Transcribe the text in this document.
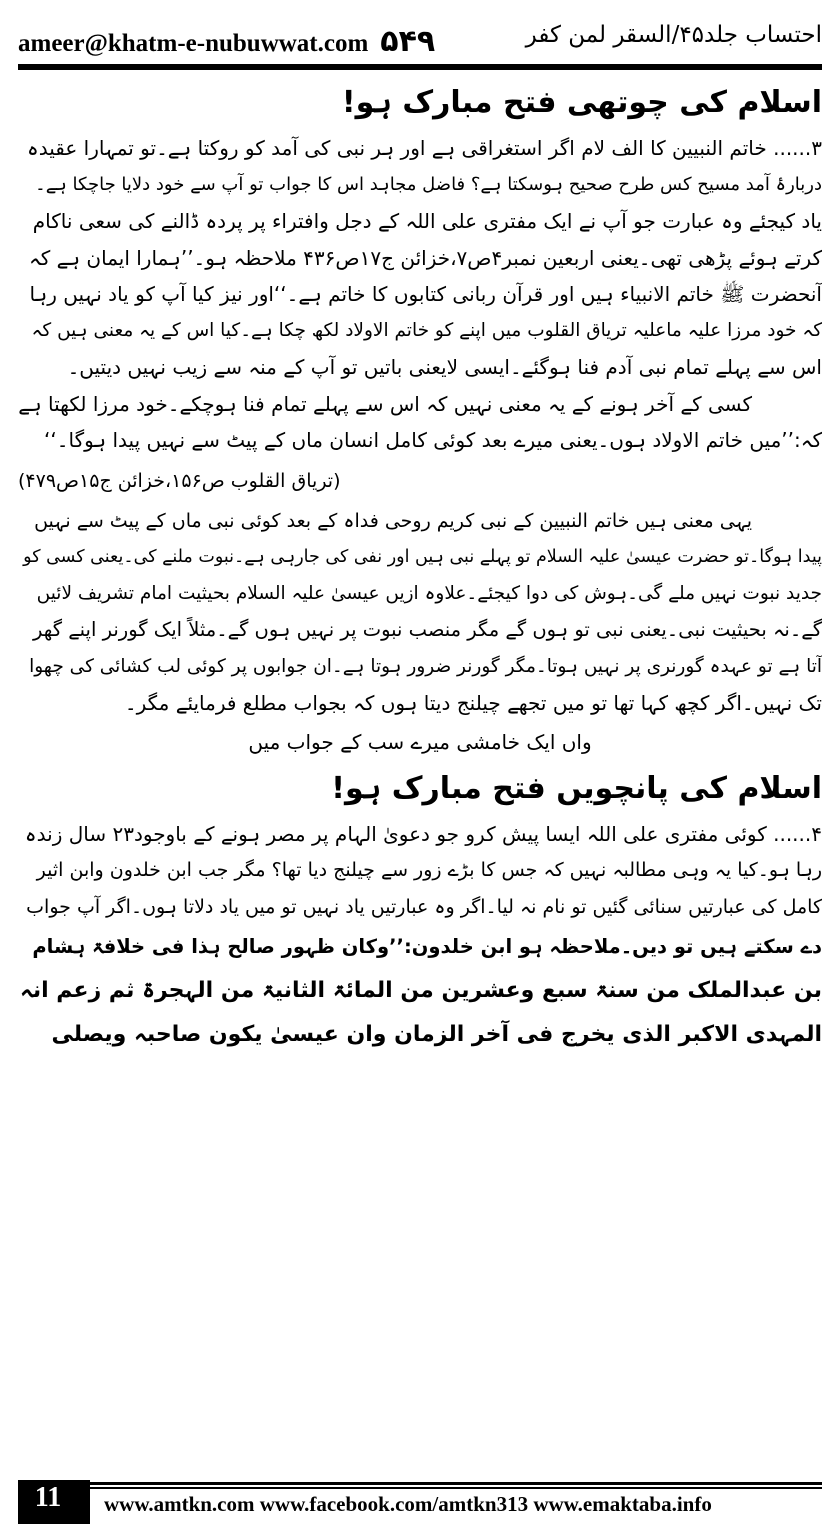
ameer@khatm-e-nubuwwat.com ۵۴۹	احتساب جلد۴۵/السقر لمن کفر
اسلام کی چوتھی فتح مبارک ہو!
۳...... خاتم النبیین کا الف لام اگر استغراقی ہے اور ہر نبی کی آمد کو روکتا ہے۔تو تمہارا عقیدہ
دربارۂ آمد مسیح کس طرح صحیح ہوسکتا ہے؟ فاضل مجاہد اس کا جواب تو آپ سے خود دلایا جاچکا ہے۔
یاد کیجئے وہ عبارت جو آپ نے ایک مفتری علی اللہ کے دجل وافتراء پر پردہ ڈالنے کی سعی ناکام
کرتے ہوئے پڑھی تھی۔یعنی اربعین نمبر۴ص۷،خزائن ج۱۷ص۴۳۶ ملاحظہ ہو۔’’ہمارا ایمان ہے کہ
آنحضرت ﷺ خاتم الانبیاء ہیں اور قرآن ربانی کتابوں کا خاتم ہے۔‘‘اور نیز کیا آپ کو یاد نہیں رہا
کہ خود مرزا علیہ ماعلیہ تریاق القلوب میں اپنے کو خاتم الاولاد لکھ چکا ہے۔کیا اس کے یہ معنی ہیں کہ
اس سے پہلے تمام نبی آدم فنا ہوگئے۔ایسی لایعنی باتیں تو آپ کے منہ سے زیب نہیں دیتیں۔
کسی کے آخر ہونے کے یہ معنی نہیں کہ اس سے پہلے تمام فنا ہوچکے۔خود مرزا لکھتا ہے
کہ:’’میں خاتم الاولاد ہوں۔یعنی میرے بعد کوئی کامل انسان ماں کے پیٹ سے نہیں پیدا ہوگا۔‘‘
(تریاق القلوب ص۱۵۶،خزائن ج۱۵ص۴۷۹)
یہی معنی ہیں خاتم النبیین کے نبی کریم روحی فداہ کے بعد کوئی نبی ماں کے پیٹ سے نہیں
پیدا ہوگا۔تو حضرت عیسیٰ علیہ السلام تو پہلے نبی ہیں اور نفی کی جارہی ہے۔نبوت ملنے کی۔یعنی کسی کو
جدید نبوت نہیں ملے گی۔ہوش کی دوا کیجئے۔علاوہ ازیں عیسیٰ علیہ السلام بحیثیت امام تشریف لائیں
گے۔نہ بحیثیت نبی۔یعنی نبی تو ہوں گے مگر منصب نبوت پر نہیں ہوں گے۔مثلاً ایک گورنر اپنے گھر
آتا ہے تو عہدہ گورنری پر نہیں ہوتا۔مگر گورنر ضرور ہوتا ہے۔ان جوابوں پر کوئی لب کشائی کی چھوا
تک نہیں۔اگر کچھ کہا تھا تو میں تجھے چیلنج دیتا ہوں کہ بجواب مطلع فرمایئے مگر۔
واں ایک خامشی میرے سب کے جواب میں
اسلام کی پانچویں فتح مبارک ہو!
۴...... کوئی مفتری علی اللہ ایسا پیش کرو جو دعویٰ الہام پر مصر ہونے کے باوجود۲۳ سال زندہ
رہا ہو۔کیا یہ وہی مطالبہ نہیں کہ جس کا بڑے زور سے چیلنج دیا تھا؟ مگر جب ابن خلدون وابن اثیر
کامل کی عبارتیں سنائی گئیں تو نام نہ لیا۔اگر وہ عبارتیں یاد نہیں تو میں یاد دلاتا ہوں۔اگر آپ جواب
دے سکتے ہیں تو دیں۔ملاحظہ ہو ابن خلدون:’’وکان ظہور صالح ہذا فی خلافۃ ہشام
بن عبدالملک من سنۃ سبع وعشرین من المائۃ الثانیۃ من الہجرۃ ثم زعم انہ
المہدی الاکبر الذی یخرج فی آخر الزمان وان عیسیٰ یکون صاحبہ ویصلی
11	www.amtkn.com www.facebook.com/amtkn313 www.emaktaba.info
